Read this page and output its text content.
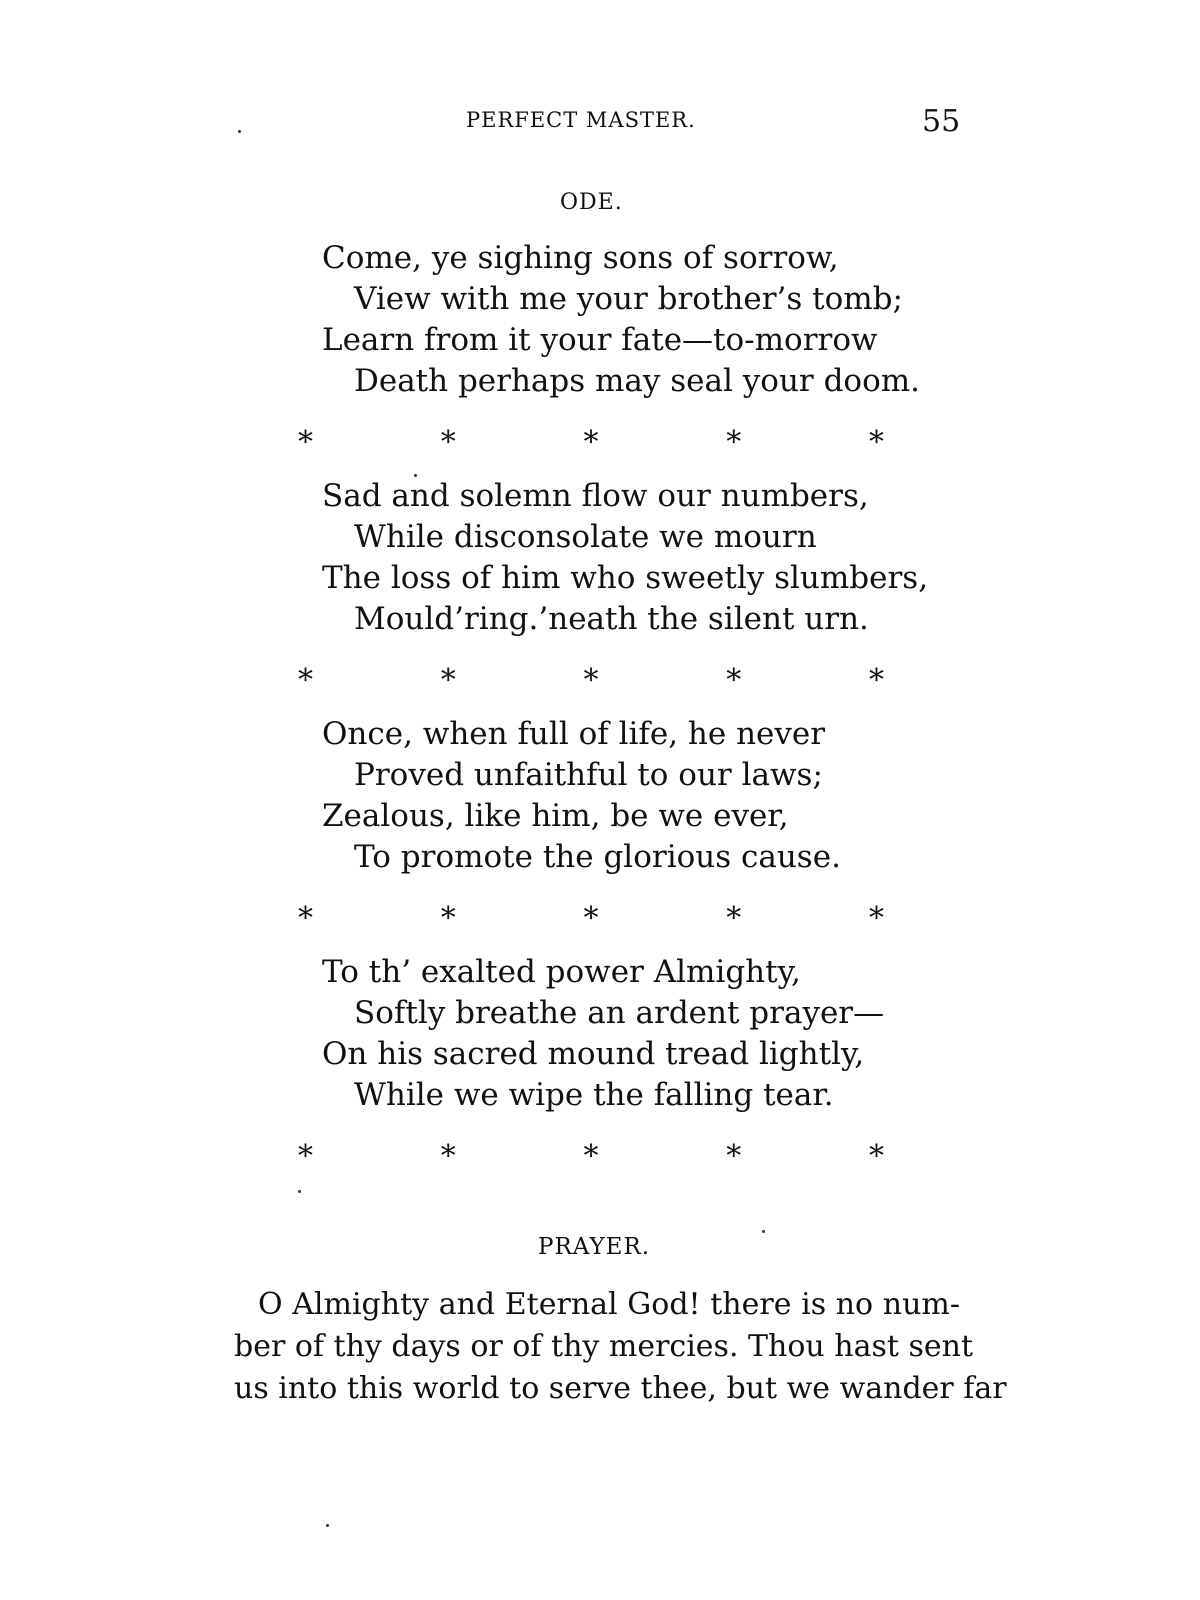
PERFECT MASTER.	55
ODE.
Come, ye sighing sons of sorrow,
View with me your brother’s tomb;
Learn from it your fate—to-morrow
Death perhaps may seal your doom.
*	*	*	*	*
Sad and solemn flow our numbers,
While disconsolate we mourn
The loss of him who sweetly slumbers,
Mould’ring.’neath the silent urn.
*	*	*	*	*
Once, when full of life, he never
Proved unfaithful to our laws;
Zealous, like him, be we ever,
To promote the glorious cause.
*	*	*	*	*
To th’ exalted power Almighty,
Softly breathe an ardent prayer—
On his sacred mound tread lightly,
While we wipe the falling tear.
*	*	*	*	*
PRAYER.
O Almighty and Eternal God! there is no num-
ber of thy days or of thy mercies. Thou hast sent
us into this world to serve thee, but we wander far
